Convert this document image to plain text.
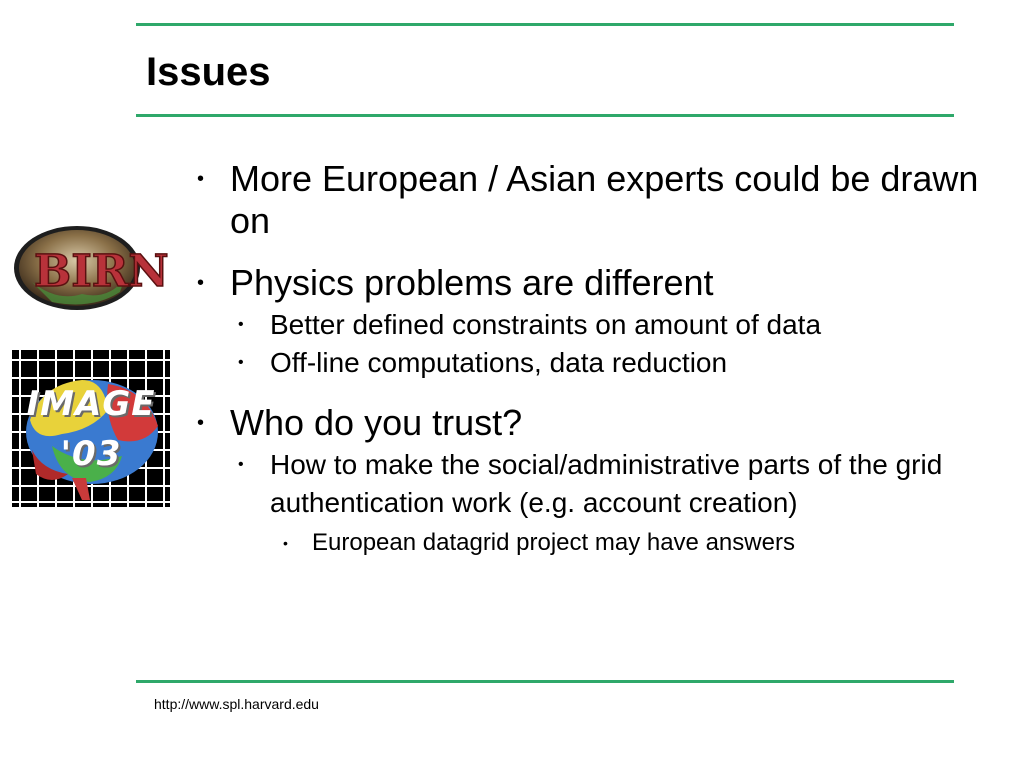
Issues
BIRN
IMAGE
'03
• More European / Asian experts could be drawn on
• Physics problems are different
• Better defined constraints on amount of data
• Off-line computations, data reduction
• Who do you trust?
• How to make the social/administrative parts of the grid authentication work (e.g. account creation)
• European datagrid project may have answers
http://www.spl.harvard.edu
